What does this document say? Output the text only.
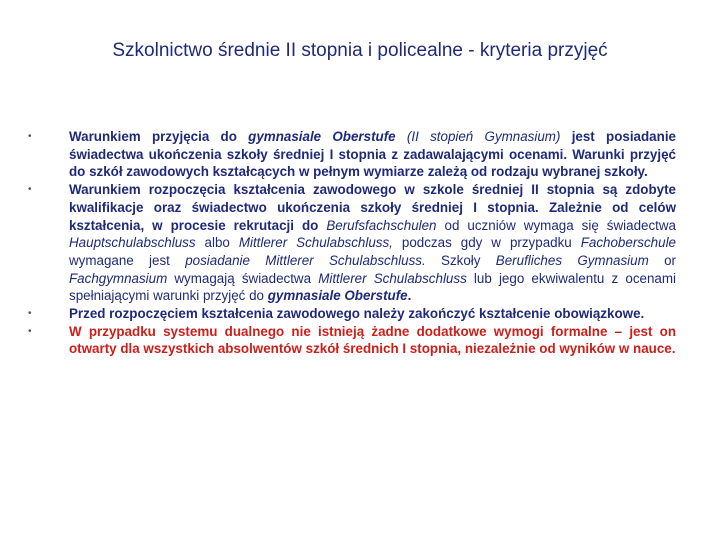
Szkolnictwo średnie II stopnia i policealne - kryteria przyjęć
•	Warunkiem przyjęcia do gymnasiale Oberstufe (II stopień Gymnasium) jest posiadanie świadectwa ukończenia szkoły średniej I stopnia z zadawalającymi ocenami. Warunki przyjęć do szkół zawodowych kształcących w pełnym wymiarze zależą od rodzaju wybranej szkoły.
•	Warunkiem rozpoczęcia kształcenia zawodowego w szkole średniej II stopnia są zdobyte kwalifikacje oraz świadectwo ukończenia szkoły średniej I stopnia. Zależnie od celów kształcenia, w procesie rekrutacji do Berufsfachschulen od uczniów wymaga się świadectwa Hauptschulabschluss albo Mittlerer Schulabschluss, podczas gdy w przypadku Fachoberschule wymagane jest posiadanie Mittlerer Schulabschluss. Szkoły Berufliches Gymnasium or Fachgymnasium wymagają świadectwa Mittlerer Schulabschluss lub jego ekwiwalentu z ocenami spełniającymi warunki przyjęć do gymnasiale Oberstufe.
•	Przed rozpoczęciem kształcenia zawodowego należy zakończyć kształcenie obowiązkowe.
•	W przypadku systemu dualnego nie istnieją żadne dodatkowe wymogi formalne – jest on otwarty dla wszystkich absolwentów szkół średnich I stopnia, niezależnie od wyników w nauce.
